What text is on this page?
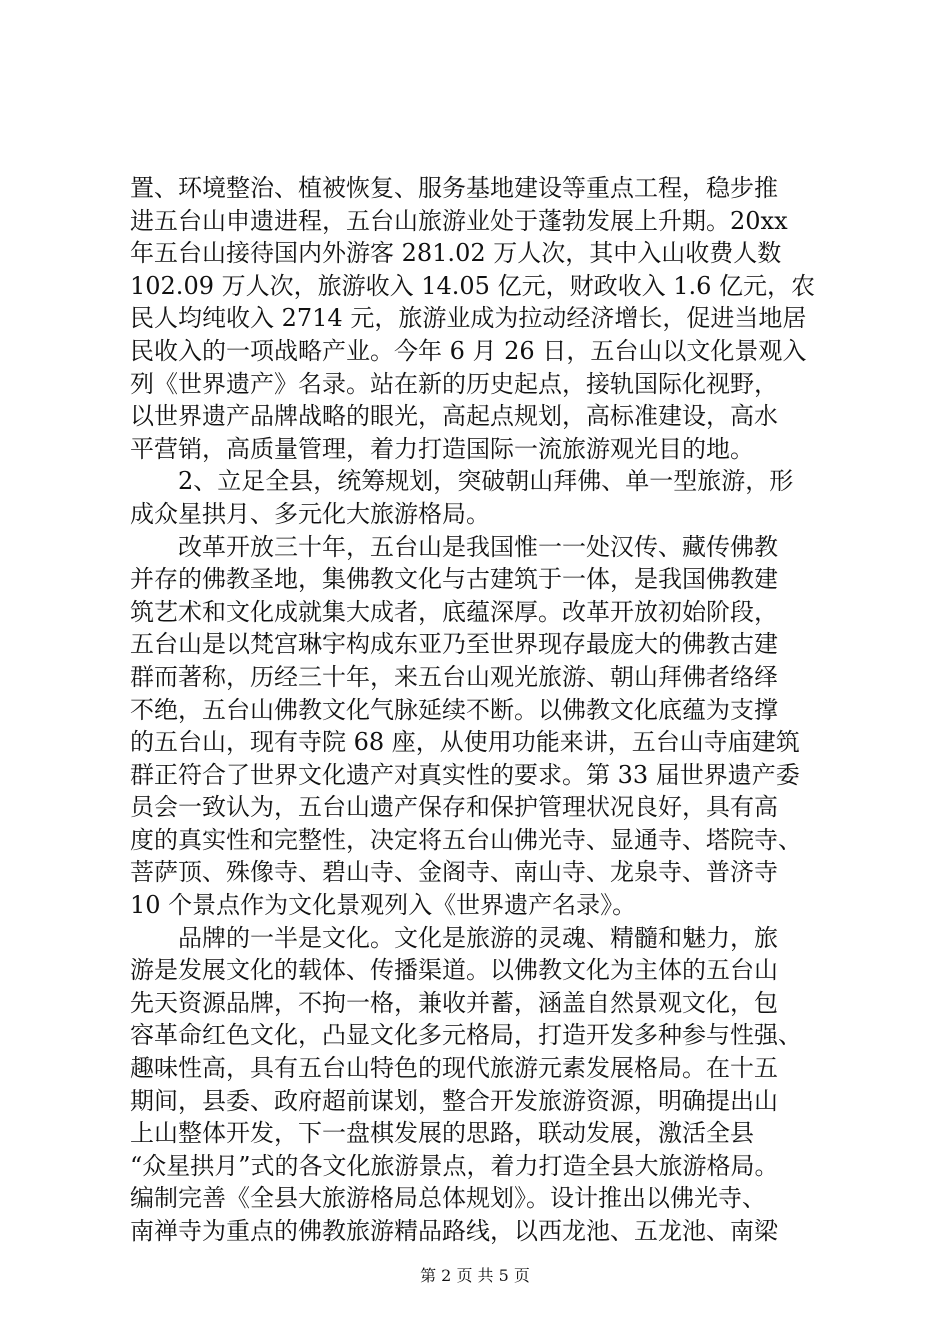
置、环境整治、植被恢复、服务基地建设等重点工程，稳步推
进五台山申遗进程，五台山旅游业处于蓬勃发展上升期。20xx
年五台山接待国内外游客 281.02 万人次，其中入山收费人数
102.09 万人次，旅游收入 14.05 亿元，财政收入 1.6 亿元，农
民人均纯收入 2714 元，旅游业成为拉动经济增长，促进当地居
民收入的一项战略产业。今年 6 月 26 日，五台山以文化景观入
列《世界遗产》名录。站在新的历史起点，接轨国际化视野，
以世界遗产品牌战略的眼光，高起点规划，高标准建设，高水
平营销，高质量管理，着力打造国际一流旅游观光目的地。
　　2、立足全县，统筹规划，突破朝山拜佛、单一型旅游，形
成众星拱月、多元化大旅游格局。
　　改革开放三十年，五台山是我国惟一一处汉传、藏传佛教
并存的佛教圣地，集佛教文化与古建筑于一体，是我国佛教建
筑艺术和文化成就集大成者，底蕴深厚。改革开放初始阶段，
五台山是以梵宫琳宇构成东亚乃至世界现存最庞大的佛教古建
群而著称，历经三十年，来五台山观光旅游、朝山拜佛者络绎
不绝，五台山佛教文化气脉延续不断。以佛教文化底蕴为支撑
的五台山，现有寺院 68 座，从使用功能来讲，五台山寺庙建筑
群正符合了世界文化遗产对真实性的要求。第 33 届世界遗产委
员会一致认为，五台山遗产保存和保护管理状况良好，具有高
度的真实性和完整性，决定将五台山佛光寺、显通寺、塔院寺、
菩萨顶、殊像寺、碧山寺、金阁寺、南山寺、龙泉寺、普济寺
10 个景点作为文化景观列入《世界遗产名录》。
　　品牌的一半是文化。文化是旅游的灵魂、精髓和魅力，旅
游是发展文化的载体、传播渠道。以佛教文化为主体的五台山
先天资源品牌，不拘一格，兼收并蓄，涵盖自然景观文化，包
容革命红色文化，凸显文化多元格局，打造开发多种参与性强、
趣味性高，具有五台山特色的现代旅游元素发展格局。在十五
期间，县委、政府超前谋划，整合开发旅游资源，明确提出山
上山整体开发，下一盘棋发展的思路，联动发展，激活全县
“众星拱月”式的各文化旅游景点，着力打造全县大旅游格局。
编制完善《全县大旅游格局总体规划》。设计推出以佛光寺、
南禅寺为重点的佛教旅游精品路线，以西龙池、五龙池、南梁
第 2 页 共 5 页
